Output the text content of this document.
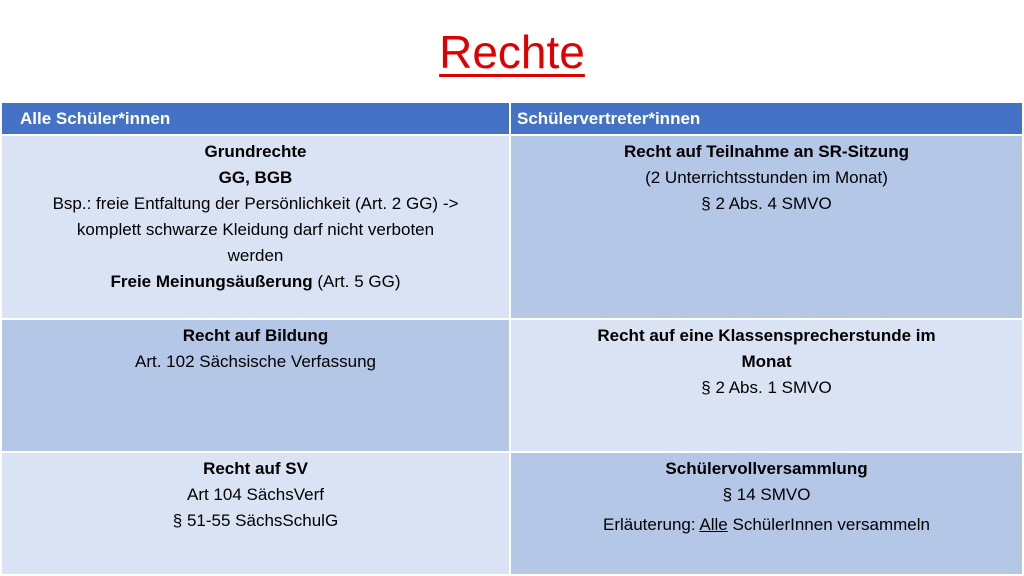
Rechte
Alle Schüler*innen	Schülervertreter*innen
Grundrechte
GG, BGB
Bsp.: freie Entfaltung der Persönlichkeit (Art. 2 GG) ->
komplett schwarze Kleidung darf nicht verboten
werden
Freie Meinungsäußerung (Art. 5 GG)
Recht auf Teilnahme an SR-Sitzung
(2 Unterrichtsstunden im Monat)
§ 2 Abs. 4 SMVO
Recht auf Bildung
Art. 102 Sächsische Verfassung
Recht auf eine Klassensprecherstunde im
Monat
§ 2 Abs. 1 SMVO
Recht auf SV
Art 104 SächsVerf
§ 51-55 SächsSchulG
Schülervollversammlung
§ 14 SMVO
Erläuterung: Alle SchülerInnen versammeln
